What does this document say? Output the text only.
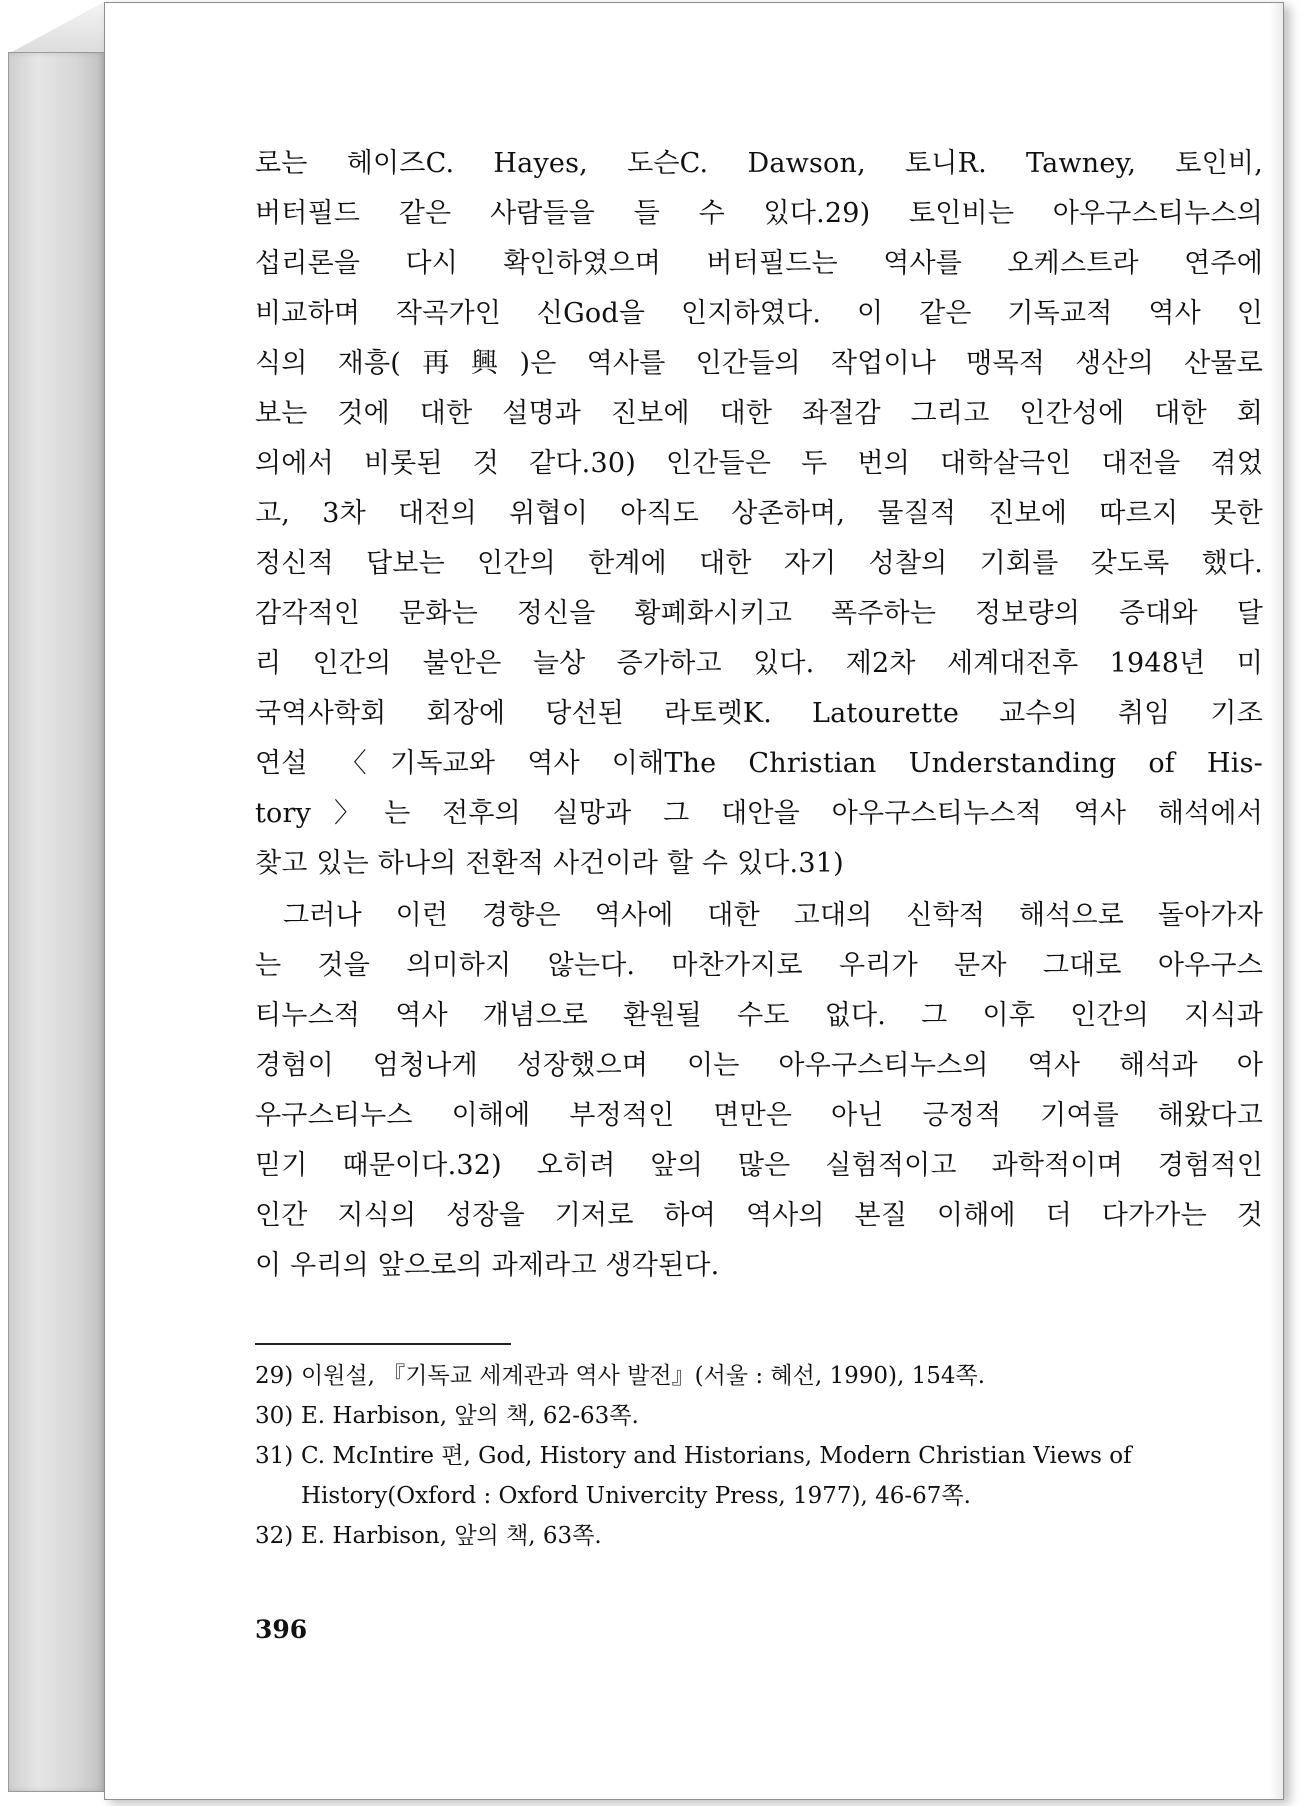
로는 헤이즈C. Hayes, 도슨C. Dawson, 토니R. Tawney, 토인비,
버터필드 같은 사람들을 들 수 있다.29) 토인비는 아우구스티누스의
섭리론을 다시 확인하였으며 버터필드는 역사를 오케스트라 연주에
비교하며 작곡가인 신God을 인지하였다. 이 같은 기독교적 역사 인
식의 재흥(再興)은 역사를 인간들의 작업이나 맹목적 생산의 산물로
보는 것에 대한 설명과 진보에 대한 좌절감 그리고 인간성에 대한 회
의에서 비롯된 것 같다.30) 인간들은 두 번의 대학살극인 대전을 겪었
고, 3차 대전의 위협이 아직도 상존하며, 물질적 진보에 따르지 못한
정신적 답보는 인간의 한계에 대한 자기 성찰의 기회를 갖도록 했다.
감각적인 문화는 정신을 황폐화시키고 폭주하는 정보량의 증대와 달
리 인간의 불안은 늘상 증가하고 있다. 제2차 세계대전후 1948년 미
국역사학회 회장에 당선된 라토렛K. Latourette 교수의 취임 기조
연설 〈기독교와 역사 이해The Christian Understanding of His-
tory〉는 전후의 실망과 그 대안을 아우구스티누스적 역사 해석에서
찾고 있는 하나의 전환적 사건이라 할 수 있다.31)
그러나 이런 경향은 역사에 대한 고대의 신학적 해석으로 돌아가자
는 것을 의미하지 않는다. 마찬가지로 우리가 문자 그대로 아우구스
티누스적 역사 개념으로 환원될 수도 없다. 그 이후 인간의 지식과
경험이 엄청나게 성장했으며 이는 아우구스티누스의 역사 해석과 아
우구스티누스 이해에 부정적인 면만은 아닌 긍정적 기여를 해왔다고
믿기 때문이다.32) 오히려 앞의 많은 실험적이고 과학적이며 경험적인
인간 지식의 성장을 기저로 하여 역사의 본질 이해에 더 다가가는 것
이 우리의 앞으로의 과제라고 생각된다.
29) 이원설, 『기독교 세계관과 역사 발전』(서울 : 혜선, 1990), 154쪽.
30) E. Harbison, 앞의 책, 62-63쪽.
31) C. McIntire 편, God, History and Historians, Modern Christian Views of
History(Oxford : Oxford Univercity Press, 1977), 46-67쪽.
32) E. Harbison, 앞의 책, 63쪽.
396
